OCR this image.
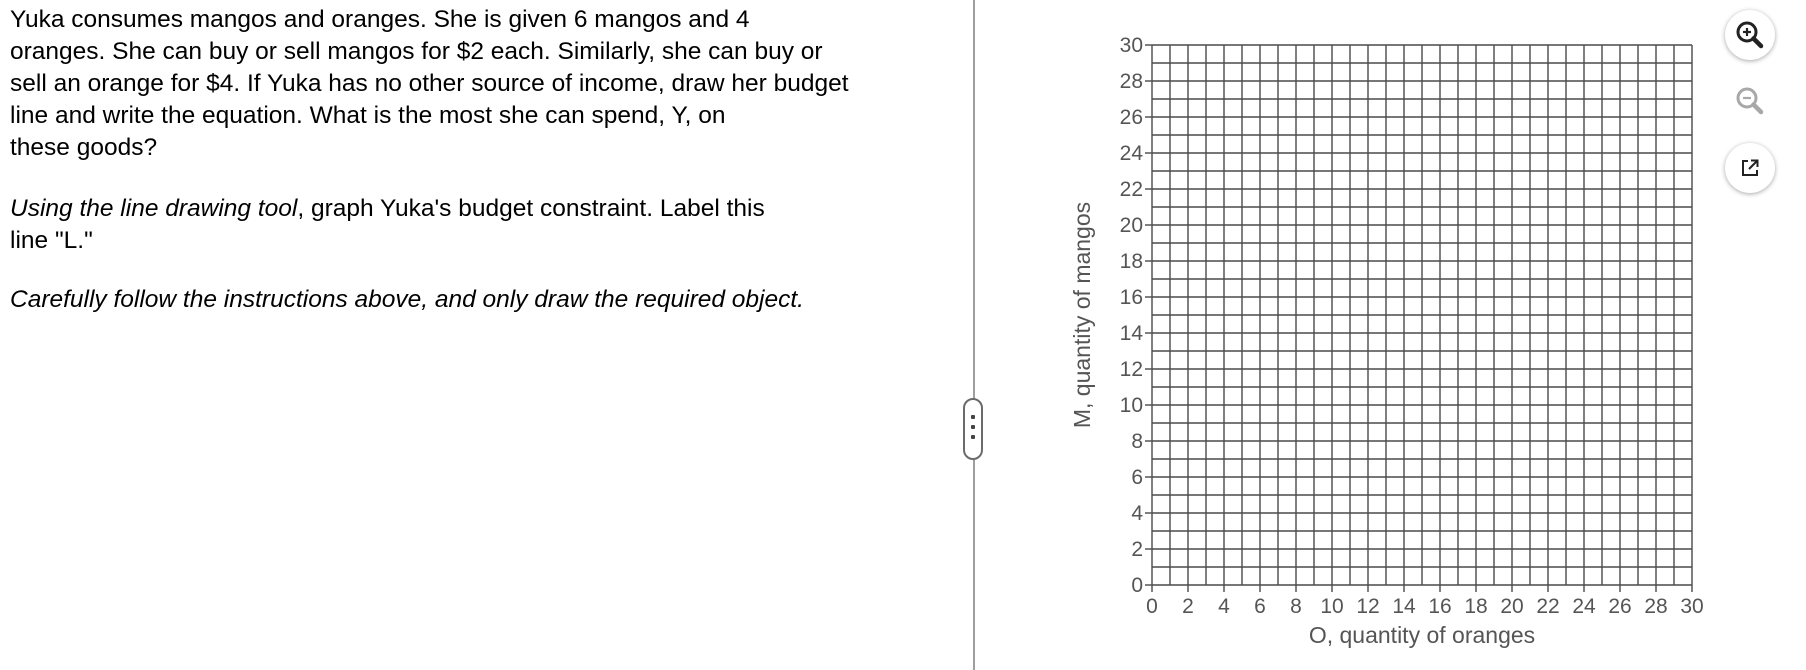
Yuka consumes mangos and oranges. She is given 6 mangos and 4
oranges. She can buy or sell mangos for $2 each. Similarly, she can buy or
sell an orange for $4. If Yuka has no other source of income, draw her budget
line and write the equation. What is the most she can spend, Y, on
these goods?

Using the line drawing tool, graph Yuka's budget constraint. Label this
line "L."

Carefully follow the instructions above, and only draw the required object.

0 2 4 6 8 10 12 14 16 18 20 22 24 26 28 30
0
2
4
6
8
10
12
14
16
18
20
22
24
26
28
30
O, quantity of oranges
M, quantity of mangos
